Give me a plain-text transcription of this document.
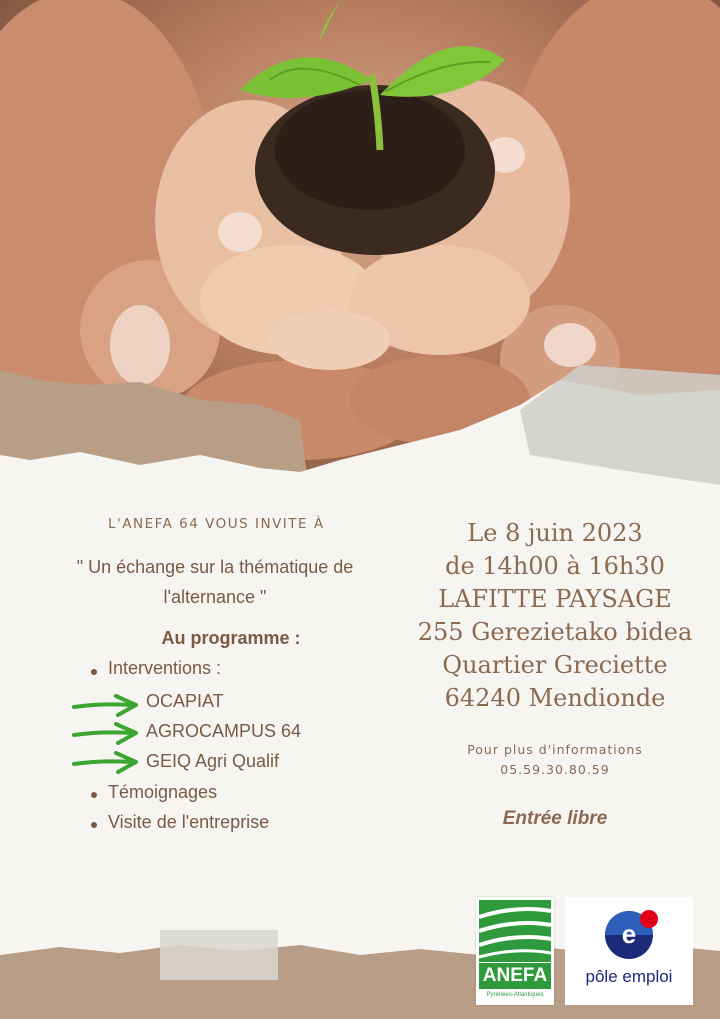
L'ANEFA 64 VOUS INVITE À
" Un échange sur la thématique de
l'alternance "
Au programme :
Interventions :
OCAPIAT
AGROCAMPUS 64
GEIQ Agri Qualif
Témoignages
Visite de l'entreprise
Le 8 juin 2023
de 14h00 à 16h30
LAFITTE PAYSAGE
255 Gerezietako bidea
Quartier Greciette
64240 Mendionde
Pour plus d'informations
05.59.30.80.59
Entrée libre
ANEFA
Pyrénées-Atlantiques
e
pôle emploi
